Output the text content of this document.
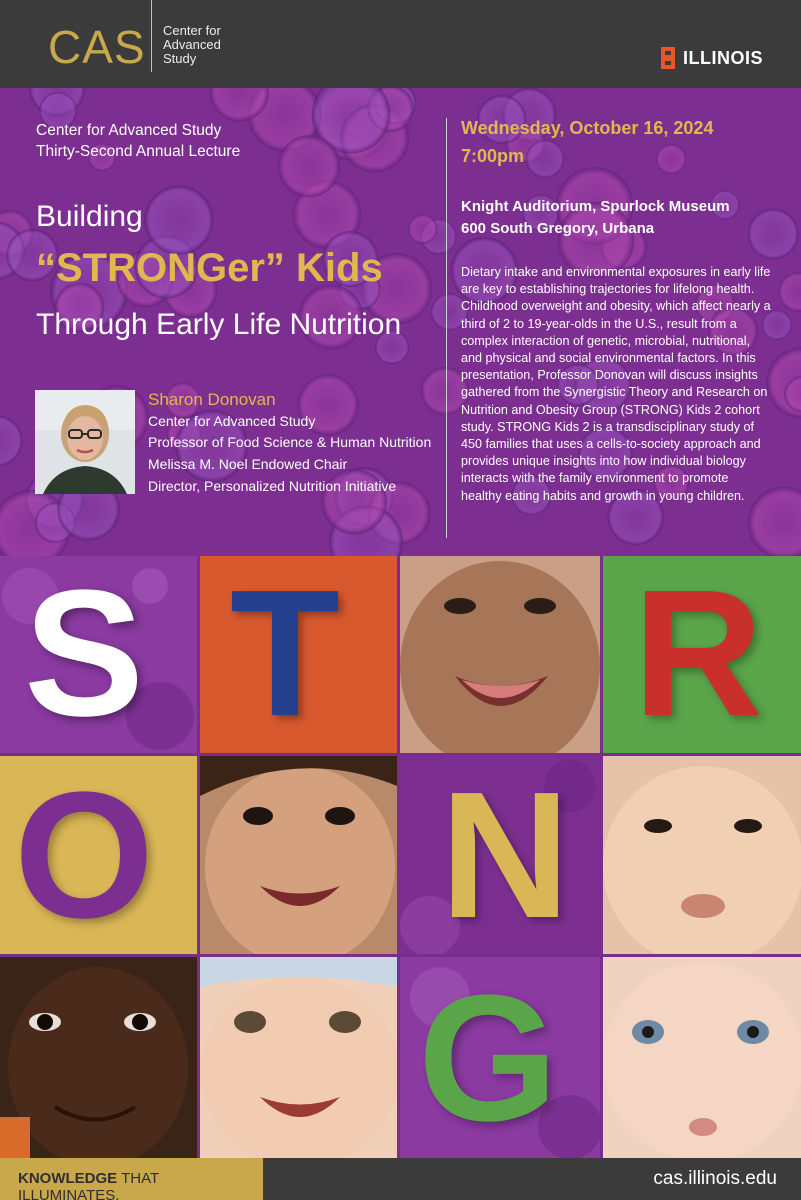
CAS Center for
Advanced
Study	ILLINOIS
Center for Advanced Study
Thirty-Second Annual Lecture
Building
“STRONGer” Kids
Through Early Life Nutrition
Sharon Donovan
Center for Advanced Study
Professor of Food Science & Human Nutrition
Melissa M. Noel Endowed Chair
Director, Personalized Nutrition Initiative
Wednesday, October 16, 2024
7:00pm
Knight Auditorium, Spurlock Museum
600 South Gregory, Urbana
Dietary intake and environmental exposures in early life are key to establishing trajectories for lifelong health. Childhood overweight and obesity, which affect nearly a third of 2 to 19-year-olds in the U.S., result from a complex interaction of genetic, microbial, nutritional, and physical and social environmental factors. In this presentation, Professor Donovan will discuss insights gathered from the Synergistic Theory and Research on Nutrition and Obesity Group (STRONG) Kids 2 cohort study. STRONG Kids 2 is a transdisciplinary study of 450 families that uses a cells-to-society approach and provides unique insights into how individual biology interacts with the family environment to promote healthy eating habits and growth in young children.
S T R
O N
G
KNOWLEDGE THAT ILLUMINATES.
cas.illinois.edu
